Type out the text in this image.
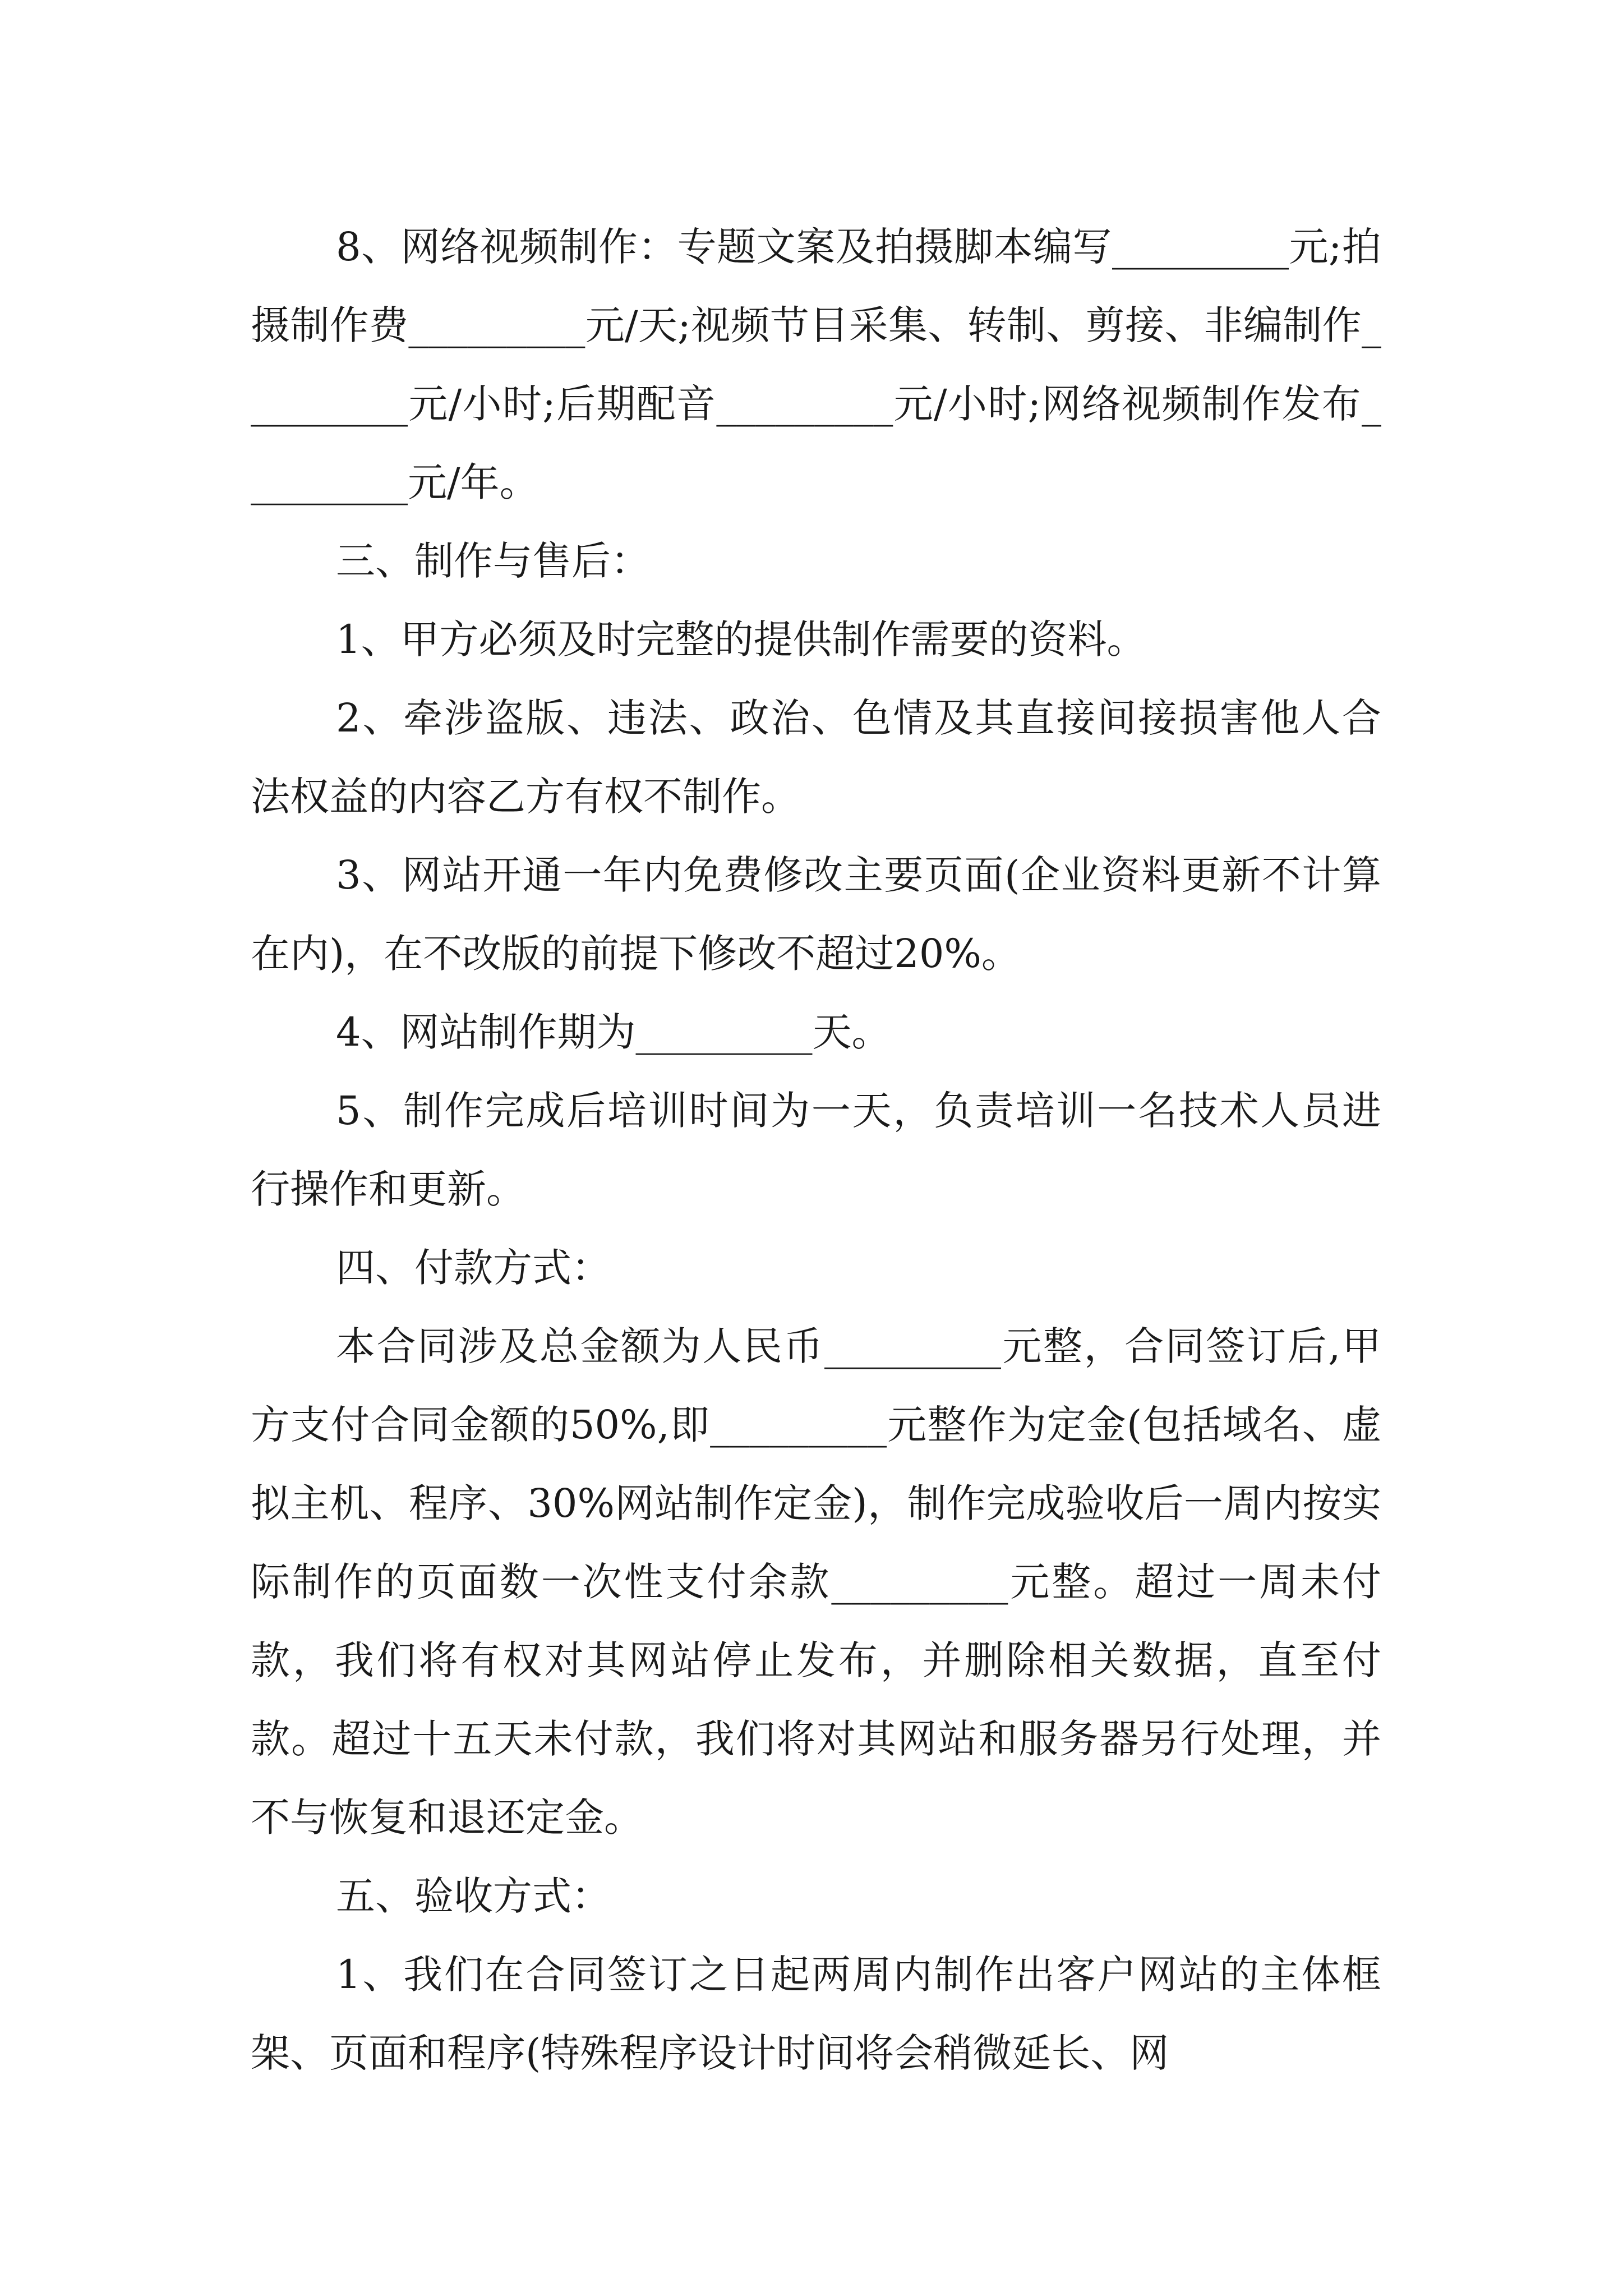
8、网络视频制作：专题文案及拍摄脚本编写_________元;拍摄制作费_________元/天;视频节目采集、转制、剪接、非编制作_________元/小时;后期配音_________元/小时;网络视频制作发布_________元/年。

三、制作与售后：

1、甲方必须及时完整的提供制作需要的资料。

2、牵涉盗版、违法、政治、色情及其直接间接损害他人合法权益的内容乙方有权不制作。

3、网站开通一年内免费修改主要页面(企业资料更新不计算在内)，在不改版的前提下修改不超过20%。

4、网站制作期为_________天。

5、制作完成后培训时间为一天，负责培训一名技术人员进行操作和更新。

四、付款方式：

本合同涉及总金额为人民币_________元整，合同签订后,甲方支付合同金额的50%,即_________元整作为定金(包括域名、虚拟主机、程序、30%网站制作定金)，制作完成验收后一周内按实际制作的页面数一次性支付余款_________元整。超过一周未付款，我们将有权对其网站停止发布，并删除相关数据，直至付款。超过十五天未付款，我们将对其网站和服务器另行处理，并不与恢复和退还定金。

五、验收方式：

1、我们在合同签订之日起两周内制作出客户网站的主体框架、页面和程序(特殊程序设计时间将会稍微延长、网
